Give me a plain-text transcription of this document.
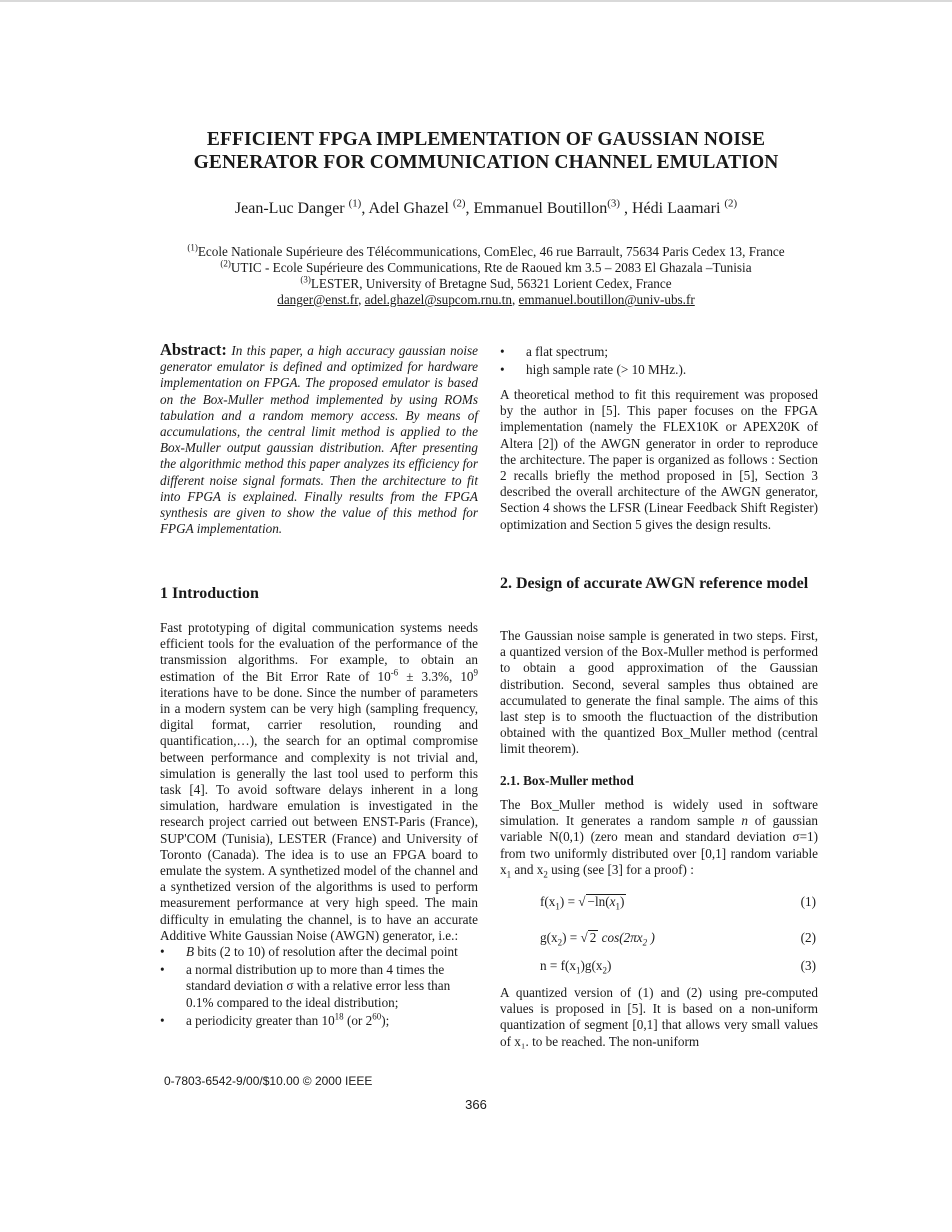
EFFICIENT FPGA IMPLEMENTATION OF GAUSSIAN NOISE
GENERATOR FOR COMMUNICATION CHANNEL EMULATION
Jean-Luc Danger $^{(1)}$, Adel Ghazel $^{(2)}$, Emmanuel Boutillon$^{(3)}$ , Hédi Laamari $^{(2)}$
$^{(1)}$Ecole Nationale Supérieure des Télécommunications, ComElec, 46 rue Barrault, 75634 Paris Cedex 13, France
$^{(2)}$UTIC - Ecole Supérieure des Communications, Rte de Raoued km 3.5 – 2083 El Ghazala –Tunisia
$^{(3)}$LESTER, University of Bretagne Sud, 56321 Lorient Cedex, France
danger@enst.fr, adel.ghazel@supcom.rnu.tn, emmanuel.boutillon@univ-ubs.fr

Abstract: In this paper, a high accuracy gaussian noise generator emulator is defined and optimized for hardware implementation on FPGA. The proposed emulator is based on the Box-Muller method implemented by using ROMs tabulation and a random memory access. By means of accumulations, the central limit method is applied to the Box-Muller output gaussian distribution. After presenting the algorithmic method this paper analyzes its efficiency for different noise signal formats. Then the architecture to fit into FPGA is explained. Finally results from the FPGA synthesis are given to show the value of this method for FPGA implementation.

1 Introduction

Fast prototyping of digital communication systems needs efficient tools for the evaluation of the performance of the transmission algorithms. For example, to obtain an estimation of the Bit Error Rate of $10^{-6} \pm 3.3\%$, $10^9$ iterations have to be done. Since the number of parameters in a modern system can be very high (sampling frequency, digital format, carrier resolution, rounding and quantification,…), the search for an optimal compromise between performance and complexity is not trivial and, simulation is generally the last tool used to perform this task [4]. To avoid software delays inherent in a long simulation, hardware emulation is investigated in the research project carried out between ENST-Paris (France), SUP'COM (Tunisia), LESTER (France) and University of Toronto (Canada). The idea is to use an FPGA board to emulate the system. A synthetized model of the channel and a synthetized version of the algorithms is used to perform measurement performance at very high speed. The main difficulty in emulating the channel, is to have an accurate Additive White Gaussian Noise (AWGN) generator, i.e.:

• B bits (2 to 10) of resolution after the decimal point
• a normal distribution up to more than 4 times the standard deviation σ with a relative error less than 0.1% compared to the ideal distribution;
• a periodicity greater than $10^{18}$ (or $2^{60}$);
• a flat spectrum;
• high sample rate (> 10 MHz.).

A theoretical method to fit this requirement was proposed by the author in [5]. This paper focuses on the FPGA implementation (namely the FLEX10K or APEX20K of Altera [2]) of the AWGN generator in order to reproduce the architecture. The paper is organized as follows : Section 2 recalls briefly the method proposed in [5], Section 3 described the overall architecture of the AWGN generator, Section 4 shows the LFSR (Linear Feedback Shift Register) optimization and Section 5 gives the design results.

2. Design of accurate AWGN reference model

The Gaussian noise sample is generated in two steps. First, a quantized version of the Box-Muller method is performed to obtain a good approximation of the Gaussian distribution. Second, several samples thus obtained are accumulated to generate the final sample. The aims of this last step is to smooth the fluctuaction of the distribution obtained with the quantized Box_Muller method (central limit theorem).

2.1. Box-Muller method

The Box_Muller method is widely used in software simulation. It generates a random sample n of gaussian variable N(0,1) (zero mean and standard deviation σ=1) from two uniformly distributed over [0,1] random variable $x_1$ and $x_2$ using (see [3] for a proof) :

$f(x_1)$ = √ $-\ln(x_1)$	(1)
$g(x_2)$ = √ 2 $\cos(2\pi x_2$ )	(2)
$n = f(x_1)g(x_2)$	(3)

A quantized version of (1) and (2) using pre-computed values is proposed in [5]. It is based on a non-uniform quantization of segment [0,1] that allows very small values of x₁. to be reached. The non-uniform

0-7803-6542-9/00/$10.00 © 2000 IEEE
366
